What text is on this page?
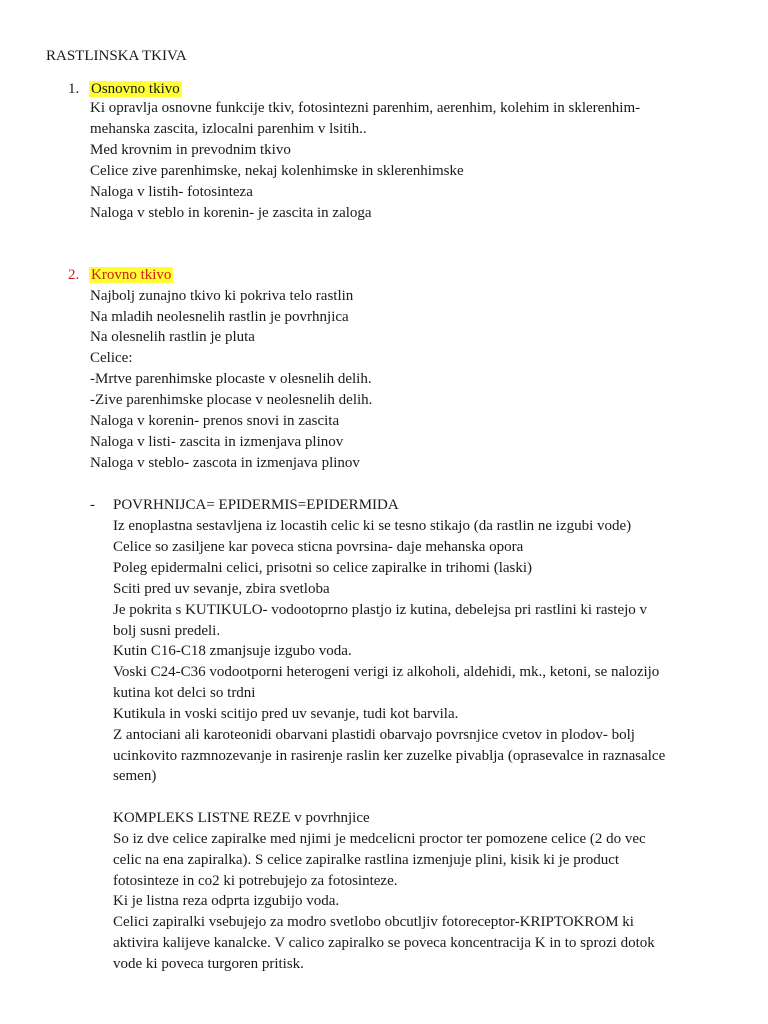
RASTLINSKA TKIVA
1. Osnovno tkivo
Ki opravlja osnovne funkcije tkiv, fotosintezni parenhim, aerenhim, kolehim in sklerenhim-
mehanska zascita, izlocalni parenhim v lsitih..
Med krovnim in prevodnim tkivo
Celice zive parenhimske, nekaj kolenhimske in sklerenhimske
Naloga v listih- fotosinteza
Naloga v steblo in korenin- je zascita in zaloga
2. Krovno tkivo
Najbolj zunajno tkivo ki pokriva telo rastlin
Na mladih neolesnelih rastlin je povrhnjica
Na olesnelih rastlin je pluta
Celice:
-Mrtve parenhimske plocaste v olesnelih delih.
-Zive parenhimske plocase v neolesnelih delih.
Naloga v korenin- prenos snovi in zascita
Naloga v listi- zascita in izmenjava plinov
Naloga v steblo- zascota in izmenjava plinov
- POVRHNIJCA= EPIDERMIS=EPIDERMIDA
Iz enoplastna sestavljena iz locastih celic ki se tesno stikajo (da rastlin ne izgubi vode)
Celice so zasiljene kar poveca sticna povrsina- daje mehanska opora
Poleg epidermalni celici, prisotni so celice zapiralke in trihomi (laski)
Sciti pred uv sevanje, zbira svetloba
Je pokrita s KUTIKULO- vodootoprno plastjo iz kutina, debelejsa pri rastlini ki rastejo v
bolj susni predeli.
Kutin C16-C18 zmanjsuje izgubo voda.
Voski C24-C36 vodootporni heterogeni verigi iz alkoholi, aldehidi, mk., ketoni, se nalozijo
kutina kot delci so trdni
Kutikula in voski scitijo pred uv sevanje, tudi kot barvila.
Z antociani ali karoteonidi obarvani plastidi obarvajo povrsnjice cvetov in plodov- bolj
ucinkovito razmnozevanje in rasirenje raslin ker zuzelke pivablja (oprasevalce in raznasalce
semen)
KOMPLEKS LISTNE REZE v povrhnjice
So iz dve celice zapiralke med njimi je medcelicni proctor ter pomozene celice (2 do vec
celic na ena zapiralka). S celice zapiralke rastlina izmenjuje plini, kisik ki je product
fotosinteze in co2 ki potrebujejo za fotosinteze.
Ki je listna reza odprta izgubijo voda.
Celici zapiralki vsebujejo za modro svetlobo obcutljiv fotoreceptor-KRIPTOKROM ki
aktivira kalijeve kanalcke. V calico zapiralko se poveca koncentracija K in to sprozi dotok
vode ki poveca turgoren pritisk.
